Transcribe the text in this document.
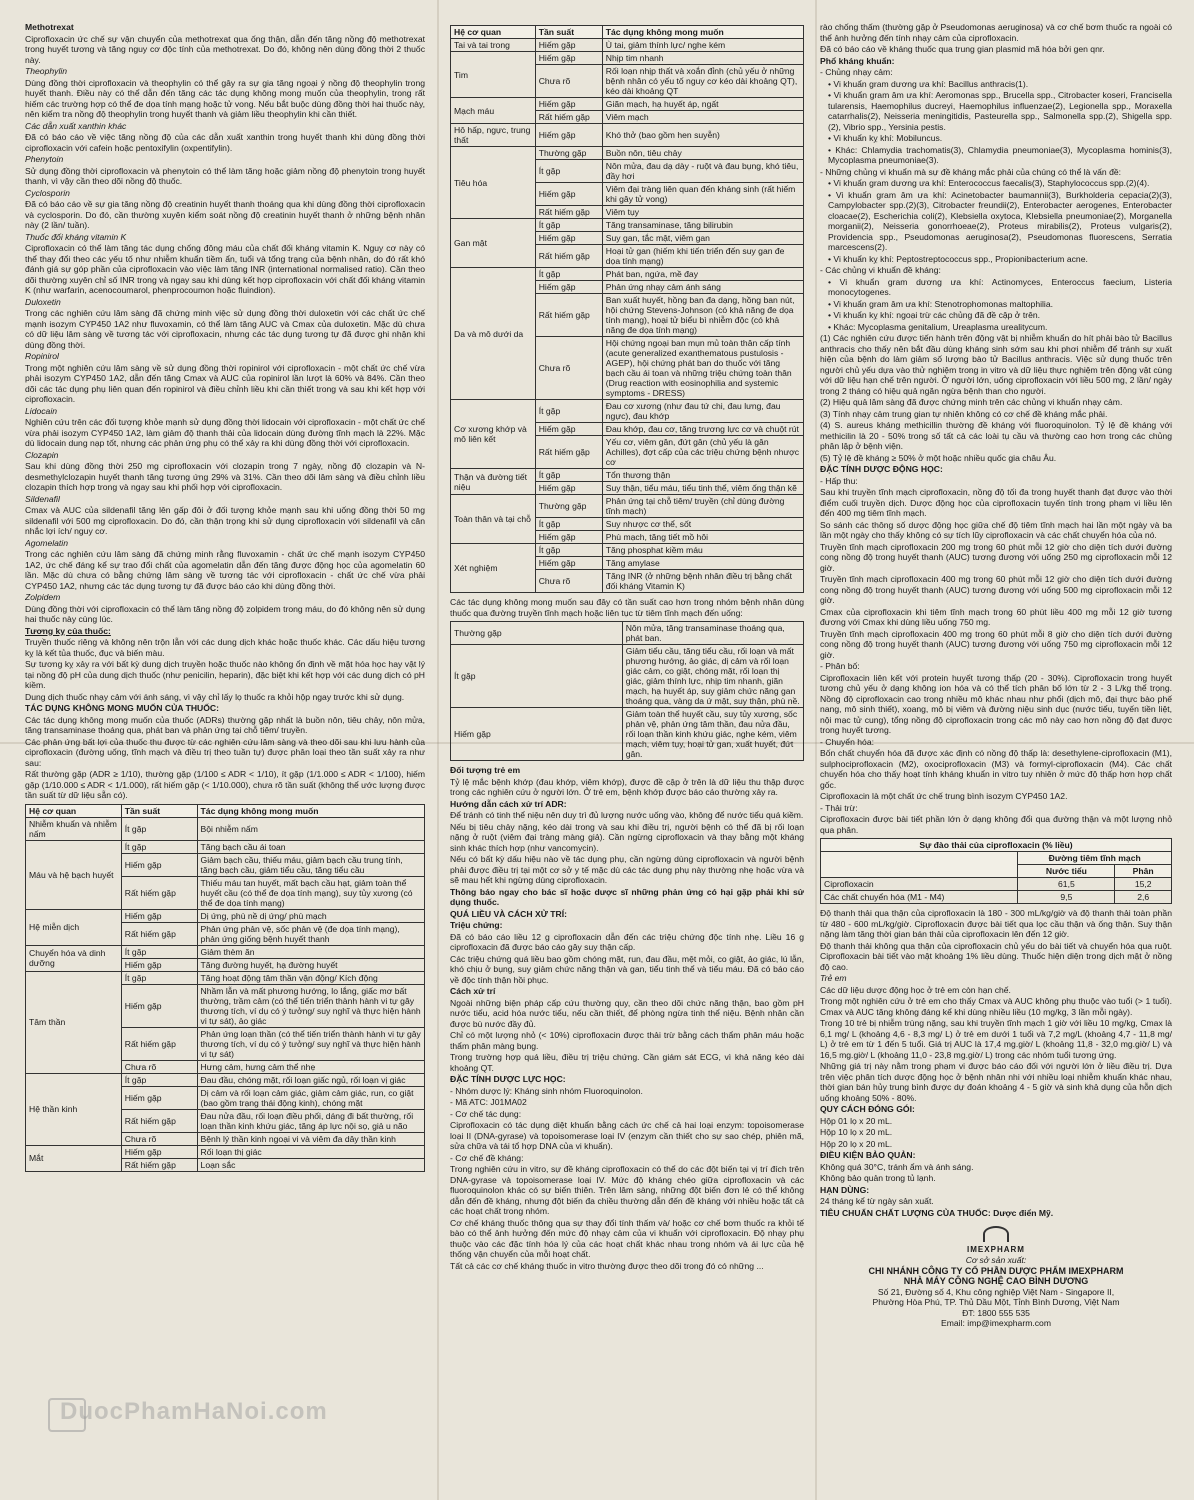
Methotrexat

Ciprofloxacin ức chế sự vận chuyển của methotrexat qua ống thận, dẫn đến tăng nồng độ methotrexat trong huyết tương và tăng nguy cơ độc tính của methotrexat. Do đó, không nên dùng đồng thời 2 thuốc này.

Theophylin

Dùng đồng thời ciprofloxacin và theophylin có thể gây ra sự gia tăng ngoại ý nồng độ theophylin trong huyết thanh. Điều này có thể dẫn đến tăng các tác dụng không mong muốn của theophylin, trong rất hiếm các trường hợp có thể đe dọa tính mạng hoặc tử vong. Nếu bắt buộc dùng đồng thời hai thuốc này, nên kiểm tra nồng độ theophylin trong huyết thanh và giảm liều theophylin khi cần thiết.

Các dẫn xuất xanthin khác

Đã có báo cáo về việc tăng nồng độ của các dẫn xuất xanthin trong huyết thanh khi dùng đồng thời ciprofloxacin với cafein hoặc pentoxifylin (oxpentifylin).

Phenytoin

Sử dụng đồng thời ciprofloxacin và phenytoin có thể làm tăng hoặc giảm nồng độ phenytoin trong huyết thanh, vì vậy cần theo dõi nồng độ thuốc.

Cyclosporin

Đã có báo cáo về sự gia tăng nồng độ creatinin huyết thanh thoáng qua khi dùng đồng thời ciprofloxacin và cyclosporin. Do đó, cần thường xuyên kiểm soát nồng độ creatinin huyết thanh ở những bệnh nhân này (2 lần/ tuần).

Thuốc đối kháng vitamin K

Ciprofloxacin có thể làm tăng tác dụng chống đông máu của chất đối kháng vitamin K. Nguy cơ này có thể thay đổi theo các yếu tố như nhiễm khuẩn tiềm ẩn, tuổi và tổng trạng của bệnh nhân, do đó rất khó đánh giá sự góp phần của ciprofloxacin vào việc làm tăng INR (international normalised ratio). Cần theo dõi thường xuyên chỉ số INR trong và ngay sau khi dùng kết hợp ciprofloxacin với chất đối kháng vitamin K (như warfarin, acenocoumarol, phenprocoumon hoặc fluindion).

Duloxetin

Trong các nghiên cứu lâm sàng đã chứng minh việc sử dụng đồng thời duloxetin với các chất ức chế mạnh isozym CYP450 1A2 như fluvoxamin, có thể làm tăng AUC và Cmax của duloxetin. Mặc dù chưa có dữ liệu lâm sàng về tương tác với ciprofloxacin, nhưng các tác dụng tương tự đã được ghi nhận khi dùng đồng thời.

Ropinirol

Trong một nghiên cứu lâm sàng về sử dụng đồng thời ropinirol với ciprofloxacin - một chất ức chế vừa phải isozym CYP450 1A2, dẫn đến tăng Cmax và AUC của ropinirol lần lượt là 60% và 84%. Cần theo dõi các tác dụng phụ liên quan đến ropinirol và điều chỉnh liều khi cần thiết trong và sau khi kết hợp với ciprofloxacin.

Lidocain

Nghiên cứu trên các đối tượng khỏe mạnh sử dụng đồng thời lidocain với ciprofloxacin - một chất ức chế vừa phải isozym CYP450 1A2, làm giảm độ thanh thải của lidocain dùng đường tĩnh mạch là 22%. Mặc dù lidocain dung nạp tốt, nhưng các phản ứng phụ có thể xảy ra khi dùng đồng thời với ciprofloxacin.

Clozapin

Sau khi dùng đồng thời 250 mg ciprofloxacin với clozapin trong 7 ngày, nồng độ clozapin và N-desmethylclozapin huyết thanh tăng tương ứng 29% và 31%. Cần theo dõi lâm sàng và điều chỉnh liều clozapin thích hợp trong và ngay sau khi phối hợp với ciprofloxacin.

Sildenafil

Cmax và AUC của sildenafil tăng lên gấp đôi ở đối tượng khỏe mạnh sau khi uống đồng thời 50 mg sildenafil với 500 mg ciprofloxacin. Do đó, cần thận trọng khi sử dụng ciprofloxacin với sildenafil và cân nhắc lợi ích/ nguy cơ.

Agomelatin

Trong các nghiên cứu lâm sàng đã chứng minh rằng fluvoxamin - chất ức chế mạnh isozym CYP450 1A2, ức chế đáng kể sự trao đổi chất của agomelatin dẫn đến tăng được động học của agomelatin 60 lần. Mặc dù chưa có bằng chứng lâm sàng về tương tác với ciprofloxacin - chất ức chế vừa phải CYP450 1A2, nhưng các tác dụng tương tự đã được báo cáo khi dùng đồng thời.

Zolpidem

Dùng đồng thời với ciprofloxacin có thể làm tăng nồng độ zolpidem trong máu, do đó không nên sử dụng hai thuốc này cùng lúc.

Tương kỵ của thuốc:

Truyền thuốc riêng và không nên trộn lẫn với các dung dịch khác hoặc thuốc khác. Các dấu hiệu tương kỵ là kết tủa thuốc, đục và biến màu.

Sự tương kỵ xảy ra với bất kỳ dung dịch truyền hoặc thuốc nào không ổn định về mặt hóa học hay vật lý tại nồng độ pH của dung dịch thuốc (như penicilin, heparin), đặc biệt khi kết hợp với các dung dịch có pH kiềm.

Dung dịch thuốc nhạy cảm với ánh sáng, vì vậy chỉ lấy lọ thuốc ra khỏi hộp ngay trước khi sử dụng.

TÁC DỤNG KHÔNG MONG MUỐN CỦA THUỐC:

Các tác dụng không mong muốn của thuốc (ADRs) thường gặp nhất là buồn nôn, tiêu chảy, nôn mửa, tăng transaminase thoáng qua, phát ban và phản ứng tại chỗ tiêm/ truyền.

Các phản ứng bất lợi của thuốc thu được từ các nghiên cứu lâm sàng và theo dõi sau khi lưu hành của ciprofloxacin (đường uống, tĩnh mạch và điều trị theo tuần tự) được phân loại theo tần suất xảy ra như sau:

Rất thường gặp (ADR ≥ 1/10), thường gặp (1/100 ≤ ADR < 1/10), ít gặp (1/1.000 ≤ ADR < 1/100), hiếm gặp (1/10.000 ≤ ADR < 1/1.000), rất hiếm gặp (< 1/10.000), chưa rõ tần suất (không thể ước lượng được tần suất từ dữ liệu sẵn có).

Hệ cơ quan	Tần suất	Tác dụng không mong muốn
Nhiễm khuẩn và nhiễm nấm	Ít gặp	Bội nhiễm nấm
Máu và hệ bạch huyết	Ít gặp	Tăng bạch cầu ái toan
	Hiếm gặp	Giảm bạch cầu, thiếu máu, giảm bạch cầu trung tính, tăng bạch cầu, giảm tiểu cầu, tăng tiểu cầu
	Rất hiếm gặp	Thiếu máu tan huyết, mất bạch cầu hạt, giảm toàn thể huyết cầu (có thể đe dọa tính mạng), suy tủy xương (có thể đe dọa tính mạng)
Hệ miễn dịch	Hiếm gặp	Dị ứng, phù nề dị ứng/ phù mạch
	Rất hiếm gặp	Phản ứng phản vệ, sốc phản vệ (đe dọa tính mạng), phản ứng giống bệnh huyết thanh
Chuyển hóa và dinh dưỡng	Ít gặp	Giảm thèm ăn
	Hiếm gặp	Tăng đường huyết, hạ đường huyết
Tâm thần	Ít gặp	Tăng hoạt động tâm thần vận động/ Kích động
	Hiếm gặp	Nhầm lẫn và mất phương hướng, lo lắng, giấc mơ bất thường, trầm cảm (có thể tiến triển thành hành vi tự gây thương tích, ví dụ có ý tưởng/ suy nghĩ và thực hiện hành vi tự sát), ảo giác
	Rất hiếm gặp	Phản ứng loạn thần (có thể tiến triển thành hành vi tự gây thương tích, ví dụ có ý tưởng/ suy nghĩ và thực hiện hành vi tự sát)
	Chưa rõ	Hưng cảm, hưng cảm thể nhẹ
Hệ thần kinh	Ít gặp	Đau đầu, chóng mặt, rối loạn giấc ngủ, rối loạn vị giác
	Hiếm gặp	Dị cảm và rối loạn cảm giác, giảm cảm giác, run, co giật (bao gồm trạng thái động kinh), chóng mặt
	Rất hiếm gặp	Đau nửa đầu, rối loạn điều phối, dáng đi bất thường, rối loạn thần kinh khứu giác, tăng áp lực nội sọ, giả u não
	Chưa rõ	Bệnh lý thần kinh ngoại vi và viêm đa dây thần kinh
Mắt	Hiếm gặp	Rối loạn thị giác
	Rất hiếm gặp	Loạn sắc
Hệ cơ quan	Tần suất	Tác dụng không mong muốn
Tai và tai trong	Hiếm gặp	Ù tai, giảm thính lực/ nghe kém
Tim	Hiếm gặp	Nhịp tim nhanh
	Chưa rõ	Rối loạn nhịp thất và xoắn đỉnh (chủ yếu ở những bệnh nhân có yếu tố nguy cơ kéo dài khoảng QT), kéo dài khoảng QT
Mạch máu	Hiếm gặp	Giãn mạch, hạ huyết áp, ngất
	Rất hiếm gặp	Viêm mạch
Hô hấp, ngực, trung thất	Hiếm gặp	Khó thở (bao gồm hen suyễn)
Tiêu hóa	Thường gặp	Buồn nôn, tiêu chảy
	Ít gặp	Nôn mửa, đau dạ dày - ruột và đau bụng, khó tiêu, đầy hơi
	Hiếm gặp	Viêm đại tràng liên quan đến kháng sinh (rất hiếm khi gây tử vong)
	Rất hiếm gặp	Viêm tụy
Gan mật	Ít gặp	Tăng transaminase, tăng bilirubin
	Hiếm gặp	Suy gan, tắc mật, viêm gan
	Rất hiếm gặp	Hoại tử gan (hiếm khi tiến triển đến suy gan đe dọa tính mạng)
Da và mô dưới da	Ít gặp	Phát ban, ngứa, mề đay
	Hiếm gặp	Phản ứng nhạy cảm ánh sáng
	Rất hiếm gặp	Ban xuất huyết, hồng ban đa dạng, hồng ban nút, hội chứng Stevens-Johnson (có khả năng đe dọa tính mạng), hoại tử biểu bì nhiễm độc (có khả năng đe dọa tính mạng)
	Chưa rõ	Hội chứng ngoại ban mụn mủ toàn thân cấp tính (acute generalized exanthematous pustulosis - AGEP), hội chứng phát ban do thuốc với tăng bạch cầu ái toan và những triệu chứng toàn thân (Drug reaction with eosinophilia and systemic symptoms - DRESS)
Cơ xương khớp và mô liên kết	Ít gặp	Đau cơ xương (như đau tứ chi, đau lưng, đau ngực), đau khớp
	Hiếm gặp	Đau khớp, đau cơ, tăng trương lực cơ và chuột rút
	Rất hiếm gặp	Yếu cơ, viêm gân, đứt gân (chủ yếu là gân Achilles), đợt cấp của các triệu chứng bệnh nhược cơ
Thận và đường tiết niệu	Ít gặp	Tổn thương thận
	Hiếm gặp	Suy thận, tiểu máu, tiểu tinh thể, viêm ống thận kẽ
Toàn thân và tại chỗ	Thường gặp	Phản ứng tại chỗ tiêm/ truyền (chỉ dùng đường tĩnh mạch)
	Ít gặp	Suy nhược cơ thể, sốt
	Hiếm gặp	Phù mạch, tăng tiết mồ hôi
Xét nghiệm	Ít gặp	Tăng phosphat kiềm máu
	Hiếm gặp	Tăng amylase
	Chưa rõ	Tăng INR (ở những bệnh nhân điều trị bằng chất đối kháng Vitamin K)

Các tác dụng không mong muốn sau đây có tần suất cao hơn trong nhóm bệnh nhân dùng thuốc qua đường truyền tĩnh mạch hoặc liên tục từ tiêm tĩnh mạch đến uống:

Thường gặp	Nôn mửa, tăng transaminase thoáng qua, phát ban.
Ít gặp	Giảm tiểu cầu, tăng tiểu cầu, rối loạn và mất phương hướng, ảo giác, dị cảm và rối loạn giác cảm, co giật, chóng mặt, rối loạn thị giác, giảm thính lực, nhịp tim nhanh, giãn mạch, hạ huyết áp, suy giảm chức năng gan thoáng qua, vàng da ứ mật, suy thận, phù nề.
Hiếm gặp	Giảm toàn thể huyết cầu, suy tủy xương, sốc phản vệ, phản ứng tâm thần, đau nửa đầu, rối loạn thần kinh khứu giác, nghe kém, viêm mạch, viêm tụy, hoại tử gan, xuất huyết, đứt gân.

Đối tượng trẻ em

Tỷ lệ mắc bệnh khớp (đau khớp, viêm khớp), được đề cập ở trên là dữ liệu thu thập được trong các nghiên cứu ở người lớn. Ở trẻ em, bệnh khớp được báo cáo thường xảy ra.

Hướng dẫn cách xử trí ADR:

Để tránh có tinh thể niệu nên duy trì đủ lượng nước uống vào, không để nước tiểu quá kiềm.

Nếu bị tiêu chảy nặng, kéo dài trong và sau khi điều trị, người bệnh có thể đã bị rối loạn nặng ở ruột (viêm đại tràng màng giả). Cần ngừng ciprofloxacin và thay bằng một kháng sinh khác thích hợp (như vancomycin).

Nếu có bất kỳ dấu hiệu nào về tác dụng phụ, cần ngừng dùng ciprofloxacin và người bệnh phải được điều trị tại một cơ sở y tế mặc dù các tác dụng phụ này thường nhẹ hoặc vừa và sẽ mau hết khi ngừng dùng ciprofloxacin.

Thông báo ngay cho bác sĩ hoặc dược sĩ những phản ứng có hại gặp phải khi sử dụng thuốc.

QUÁ LIỀU VÀ CÁCH XỬ TRÍ:

Triệu chứng:

Đã có báo cáo liều 12 g ciprofloxacin dẫn đến các triệu chứng độc tính nhẹ. Liều 16 g ciprofloxacin đã được báo cáo gây suy thận cấp.

Các triệu chứng quá liều bao gồm chóng mặt, run, đau đầu, mệt mỏi, co giật, ảo giác, lú lẫn, khó chịu ở bụng, suy giảm chức năng thận và gan, tiểu tinh thể và tiểu máu. Đã có báo cáo về độc tính thận hồi phục.

Cách xử trí

Ngoài những biện pháp cấp cứu thường quy, cần theo dõi chức năng thận, bao gồm pH nước tiểu, acid hóa nước tiểu, nếu cần thiết, để phòng ngừa tinh thể niệu. Bệnh nhân cần được bù nước đầy đủ.

Chỉ có một lượng nhỏ (< 10%) ciprofloxacin được thải trừ bằng cách thẩm phân máu hoặc thẩm phân màng bụng.

Trong trường hợp quá liều, điều trị triệu chứng. Cần giám sát ECG, vì khả năng kéo dài khoảng QT.

ĐẶC TÍNH DƯỢC LỰC HỌC:

- Nhóm dược lý: Kháng sinh nhóm Fluoroquinolon.

- Mã ATC: J01MA02

- Cơ chế tác dụng:

Ciprofloxacin có tác dụng diệt khuẩn bằng cách ức chế cả hai loại enzym: topoisomerase loại II (DNA-gyrase) và topoisomerase loại IV (enzym cần thiết cho sự sao chép, phiên mã, sửa chữa và tái tổ hợp DNA của vi khuẩn).

- Cơ chế đề kháng:

Trong nghiên cứu in vitro, sự đề kháng ciprofloxacin có thể do các đột biến tại vị trí đích trên DNA-gyrase và topoisomerase loại IV. Mức độ kháng chéo giữa ciprofloxacin và các fluoroquinolon khác có sự biến thiên. Trên lâm sàng, những đột biến đơn lẻ có thể không dẫn đến đề kháng, nhưng đột biến đa chiều thường dẫn đến đề kháng với nhiều hoặc tất cả các hoạt chất trong nhóm.

Cơ chế kháng thuốc thông qua sự thay đổi tính thấm và/ hoặc cơ chế bơm thuốc ra khỏi tế bào có thể ảnh hưởng đến mức độ nhạy cảm của vi khuẩn với ciprofloxacin. Độ nhạy phụ thuộc vào các đặc tính hóa lý của các hoạt chất khác nhau trong nhóm và ái lực của hệ thống vận chuyển của mỗi hoạt chất.

Tất cả các cơ chế kháng thuốc in vitro thường được theo dõi trong đó có những ...

rào chống thấm (thường gặp ở Pseudomonas aeruginosa) và cơ chế bơm thuốc ra ngoài có thể ảnh hưởng đến tính nhạy cảm của ciprofloxacin.

Đã có báo cáo về kháng thuốc qua trung gian plasmid mã hóa bởi gen qnr.

Phổ kháng khuẩn:

- Chủng nhạy cảm:

• Vi khuẩn gram dương ưa khí: Bacillus anthracis(1).
• Vi khuẩn gram âm ưa khí: Aeromonas spp., Brucella spp., Citrobacter koseri, Francisella tularensis, Haemophilus ducreyi, Haemophilus influenzae(2), Legionella spp., Moraxella catarrhalis(2), Neisseria meningitidis, Pasteurella spp., Salmonella spp.(2), Shigella spp.(2), Vibrio spp., Yersinia pestis.
• Vi khuẩn kỵ khí: Mobiluncus.
• Khác: Chlamydia trachomatis(3), Chlamydia pneumoniae(3), Mycoplasma hominis(3), Mycoplasma pneumoniae(3).

- Những chủng vi khuẩn mà sự đề kháng mắc phải của chúng có thể là vấn đề:

• Vi khuẩn gram dương ưa khí: Enterococcus faecalis(3), Staphylococcus spp.(2)(4).
• Vi khuẩn gram âm ưa khí: Acinetobacter baumannii(3), Burkholderia cepacia(2)(3), Campylobacter spp.(2)(3), Citrobacter freundii(2), Enterobacter aerogenes, Enterobacter cloacae(2), Escherichia coli(2), Klebsiella oxytoca, Klebsiella pneumoniae(2), Morganella morganii(2), Neisseria gonorrhoeae(2), Proteus mirabilis(2), Proteus vulgaris(2), Providencia spp., Pseudomonas aeruginosa(2), Pseudomonas fluorescens, Serratia marcescens(2).
• Vi khuẩn kỵ khí: Peptostreptococcus spp., Propionibacterium acne.

- Các chủng vi khuẩn đề kháng:

• Vi khuẩn gram dương ưa khí: Actinomyces, Enteroccus faecium, Listeria monocytogenes.
• Vi khuẩn gram âm ưa khí: Stenotrophomonas maltophilia.
• Vi khuẩn kỵ khí: ngoại trừ các chủng đã đề cập ở trên.
• Khác: Mycoplasma genitalium, Ureaplasma urealitycum.

(1) Các nghiên cứu được tiến hành trên động vật bị nhiễm khuẩn do hít phải bào tử Bacillus anthracis cho thấy nên bắt đầu dùng kháng sinh sớm sau khi phơi nhiễm để tránh sự xuất hiện của bệnh do làm giảm số lượng bào tử Bacillus anthracis. Việc sử dụng thuốc trên người chủ yếu dựa vào thử nghiệm trong in vitro và dữ liệu thực nghiệm trên động vật cùng với dữ liệu hạn chế trên người. Ở người lớn, uống ciprofloxacin với liều 500 mg, 2 lần/ ngày trong 2 tháng có hiệu quả ngăn ngừa bệnh than cho người.

(2) Hiệu quả lâm sàng đã được chứng minh trên các chủng vi khuẩn nhạy cảm.

(3) Tính nhạy cảm trung gian tự nhiên không có cơ chế đề kháng mắc phải.

(4) S. aureus kháng methicillin thường đề kháng với fluoroquinolon. Tỷ lệ đề kháng với methicilin là 20 - 50% trong số tất cả các loài tụ cầu và thường cao hơn trong các chủng phân lập ở bệnh viện.

(5) Tỷ lệ đề kháng ≥ 50% ở một hoặc nhiều quốc gia châu Âu.

ĐẶC TÍNH DƯỢC ĐỘNG HỌC:

- Hấp thu:

Sau khi truyền tĩnh mạch ciprofloxacin, nồng độ tối đa trong huyết thanh đạt được vào thời điểm cuối truyền dịch. Dược động học của ciprofloxacin tuyến tính trong phạm vi liều lên đến 400 mg tiêm tĩnh mạch.

So sánh các thông số dược động học giữa chế độ tiêm tĩnh mạch hai lần một ngày và ba lần một ngày cho thấy không có sự tích lũy ciprofloxacin và các chất chuyển hóa của nó.

Truyền tĩnh mạch ciprofloxacin 200 mg trong 60 phút mỗi 12 giờ cho diện tích dưới đường cong nồng độ trong huyết thanh (AUC) tương đương với uống 250 mg ciprofloxacin mỗi 12 giờ.

Truyền tĩnh mạch ciprofloxacin 400 mg trong 60 phút mỗi 12 giờ cho diện tích dưới đường cong nồng độ trong huyết thanh (AUC) tương đương với uống 500 mg ciprofloxacin mỗi 12 giờ.

Cmax của ciprofloxacin khi tiêm tĩnh mạch trong 60 phút liều 400 mg mỗi 12 giờ tương đương với Cmax khi dùng liều uống 750 mg.

Truyền tĩnh mạch ciprofloxacin 400 mg trong 60 phút mỗi 8 giờ cho diện tích dưới đường cong nồng độ trong huyết thanh (AUC) tương đương với uống 750 mg ciprofloxacin mỗi 12 giờ.

- Phân bố:

Ciprofloxacin liên kết với protein huyết tương thấp (20 - 30%). Ciprofloxacin trong huyết tương chủ yếu ở dạng không ion hóa và có thể tích phân bố lớn từ 2 - 3 L/kg thể trọng. Nồng độ ciprofloxacin cao trong nhiều mô khác nhau như phổi (dịch mô, đại thực bào phế nang, mô sinh thiết), xoang, mô bị viêm và đường niệu sinh dục (nước tiểu, tuyến tiền liệt, nội mạc tử cung), tổng nồng độ ciprofloxacin trong các mô này cao hơn nồng độ đạt được trong huyết tương.

- Chuyển hóa:

Bốn chất chuyển hóa đã được xác định có nồng độ thấp là: desethylene-ciprofloxacin (M1), sulphociprofloxacin (M2), oxociprofloxacin (M3) và formyl-ciprofloxacin (M4). Các chất chuyển hóa cho thấy hoạt tính kháng khuẩn in vitro tuy nhiên ở mức độ thấp hơn hợp chất gốc.

Ciprofloxacin là một chất ức chế trung bình isozym CYP450 1A2.

- Thải trừ:

Ciprofloxacin được bài tiết phần lớn ở dạng không đổi qua đường thận và một lượng nhỏ qua phân.

Sự đào thải của ciprofloxacin (% liều)		
	Đường tiêm tĩnh mạch	
	Nước tiểu	Phân
Ciprofloxacin	61,5	15,2
Các chất chuyển hóa (M1 - M4)	9,5	2,6

Độ thanh thải qua thận của ciprofloxacin là 180 - 300 mL/kg/giờ và độ thanh thải toàn phần từ 480 - 600 mL/kg/giờ. Ciprofloxacin được bài tiết qua lọc cầu thận và ống thận. Suy thận nặng làm tăng thời gian bán thải của ciprofloxacin lên đến 12 giờ.

Độ thanh thải không qua thận của ciprofloxacin chủ yếu do bài tiết và chuyển hóa qua ruột. Ciprofloxacin bài tiết vào mật khoảng 1% liều dùng. Thuốc hiện diện trong dịch mật ở nồng độ cao.

Trẻ em

Các dữ liệu dược động học ở trẻ em còn hạn chế.

Trong một nghiên cứu ở trẻ em cho thấy Cmax và AUC không phụ thuộc vào tuổi (> 1 tuổi). Cmax và AUC tăng không đáng kể khi dùng nhiều liều (10 mg/kg, 3 lần mỗi ngày).

Trong 10 trẻ bị nhiễm trùng nặng, sau khi truyền tĩnh mạch 1 giờ với liều 10 mg/kg, Cmax là 6,1 mg/ L (khoảng 4,6 - 8,3 mg/ L) ở trẻ em dưới 1 tuổi và 7,2 mg/L (khoảng 4,7 - 11,8 mg/ L) ở trẻ em từ 1 đến 5 tuổi. Giá trị AUC là 17,4 mg.giờ/ L (khoảng 11,8 - 32,0 mg.giờ/ L) và 16,5 mg.giờ/ L (khoảng 11,0 - 23,8 mg.giờ/ L) trong các nhóm tuổi tương ứng.

Những giá trị này nằm trong phạm vi được báo cáo đối với người lớn ở liều điều trị. Dựa trên việc phân tích dược động học ở bệnh nhân nhi với nhiều loại nhiễm khuẩn khác nhau, thời gian bán hủy trung bình được dự đoán khoảng 4 - 5 giờ và sinh khả dụng của hỗn dịch uống khoảng 50% - 80%.

QUY CÁCH ĐÓNG GÓI:

Hộp 01 lọ x 20 mL.

Hộp 10 lọ x 20 mL.

Hộp 20 lọ x 20 mL.

ĐIỀU KIỆN BẢO QUẢN:

Không quá 30°C, tránh ẩm và ánh sáng.

Không bảo quản trong tủ lạnh.

HẠN DÙNG:

24 tháng kể từ ngày sản xuất.

TIÊU CHUẨN CHẤT LƯỢNG CỦA THUỐC: Dược điển Mỹ.

IMEXPHARM
Cơ sở sản xuất:
CHI NHÁNH CÔNG TY CỔ PHẦN DƯỢC PHẨM IMEXPHARM
NHÀ MÁY CÔNG NGHỆ CAO BÌNH DƯƠNG
Số 21, Đường số 4, Khu công nghiệp Việt Nam - Singapore II,
Phường Hòa Phú, TP. Thủ Dầu Một, Tỉnh Bình Dương, Việt Nam
ĐT: 1800 555 535
Email: imp@imexpharm.com
DuocPhamHaNoi.com
